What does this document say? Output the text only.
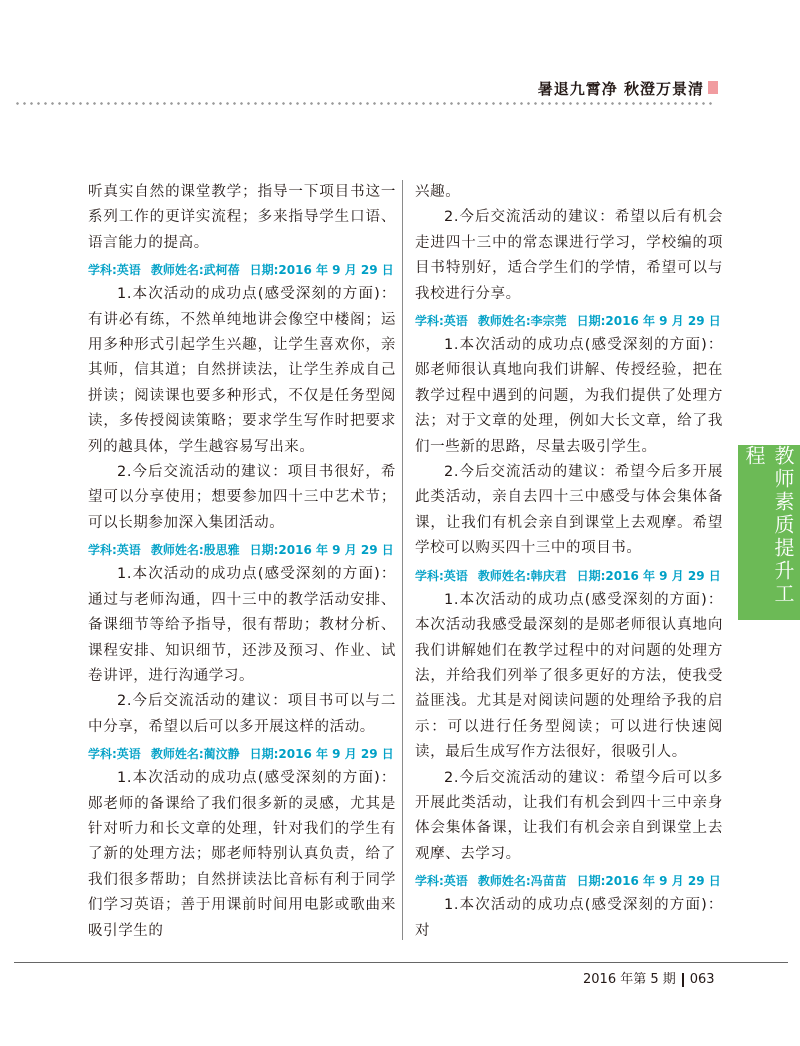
暑退九霄净 秋澄万景清

听真实自然的课堂教学；指导一下项目书这一系列工作的更详实流程；多来指导学生口语、语言能力的提高。

学科:英语 教师姓名:武柯蓓 日期:2016 年 9 月 29 日

1.本次活动的成功点(感受深刻的方面)：有讲必有练，不然单纯地讲会像空中楼阁；运用多种形式引起学生兴趣，让学生喜欢你，亲其师，信其道；自然拼读法，让学生养成自己拼读；阅读课也要多种形式，不仅是任务型阅读，多传授阅读策略；要求学生写作时把要求列的越具体，学生越容易写出来。

2.今后交流活动的建议：项目书很好，希望可以分享使用；想要参加四十三中艺术节；可以长期参加深入集团活动。

学科:英语 教师姓名:殷思雅 日期:2016 年 9 月 29 日

1.本次活动的成功点(感受深刻的方面)：通过与老师沟通，四十三中的教学活动安排、备课细节等给予指导，很有帮助；教材分析、课程安排、知识细节，还涉及预习、作业、试卷讲评，进行沟通学习。

2.今后交流活动的建议：项目书可以与二中分享，希望以后可以多开展这样的活动。

学科:英语 教师姓名:蔺汶静 日期:2016 年 9 月 29 日

1.本次活动的成功点(感受深刻的方面)：郧老师的备课给了我们很多新的灵感，尤其是针对听力和长文章的处理，针对我们的学生有了新的处理方法；郧老师特别认真负责，给了我们很多帮助；自然拼读法比音标有利于同学们学习英语；善于用课前时间用电影或歌曲来吸引学生的

兴趣。

2.今后交流活动的建议：希望以后有机会走进四十三中的常态课进行学习，学校编的项目书特别好，适合学生们的学情，希望可以与我校进行分享。

学科:英语 教师姓名:李宗莞 日期:2016 年 9 月 29 日

1.本次活动的成功点(感受深刻的方面)：郧老师很认真地向我们讲解、传授经验，把在教学过程中遇到的问题，为我们提供了处理方法；对于文章的处理，例如大长文章，给了我们一些新的思路，尽量去吸引学生。

2.今后交流活动的建议：希望今后多开展此类活动，亲自去四十三中感受与体会集体备课，让我们有机会亲自到课堂上去观摩。希望学校可以购买四十三中的项目书。

学科:英语 教师姓名:韩庆君 日期:2016 年 9 月 29 日

1.本次活动的成功点(感受深刻的方面)：本次活动我感受最深刻的是郧老师很认真地向我们讲解她们在教学过程中的对问题的处理方法，并给我们列举了很多更好的方法，使我受益匪浅。尤其是对阅读问题的处理给予我的启示：可以进行任务型阅读；可以进行快速阅读，最后生成写作方法很好，很吸引人。

2.今后交流活动的建议：希望今后可以多开展此类活动，让我们有机会到四十三中亲身体会集体备课，让我们有机会亲自到课堂上去观摩、去学习。

学科:英语 教师姓名:冯苗苗 日期:2016 年 9 月 29 日

1.本次活动的成功点(感受深刻的方面)：对

教师素质提升工程
2016 年第 5 期 063
